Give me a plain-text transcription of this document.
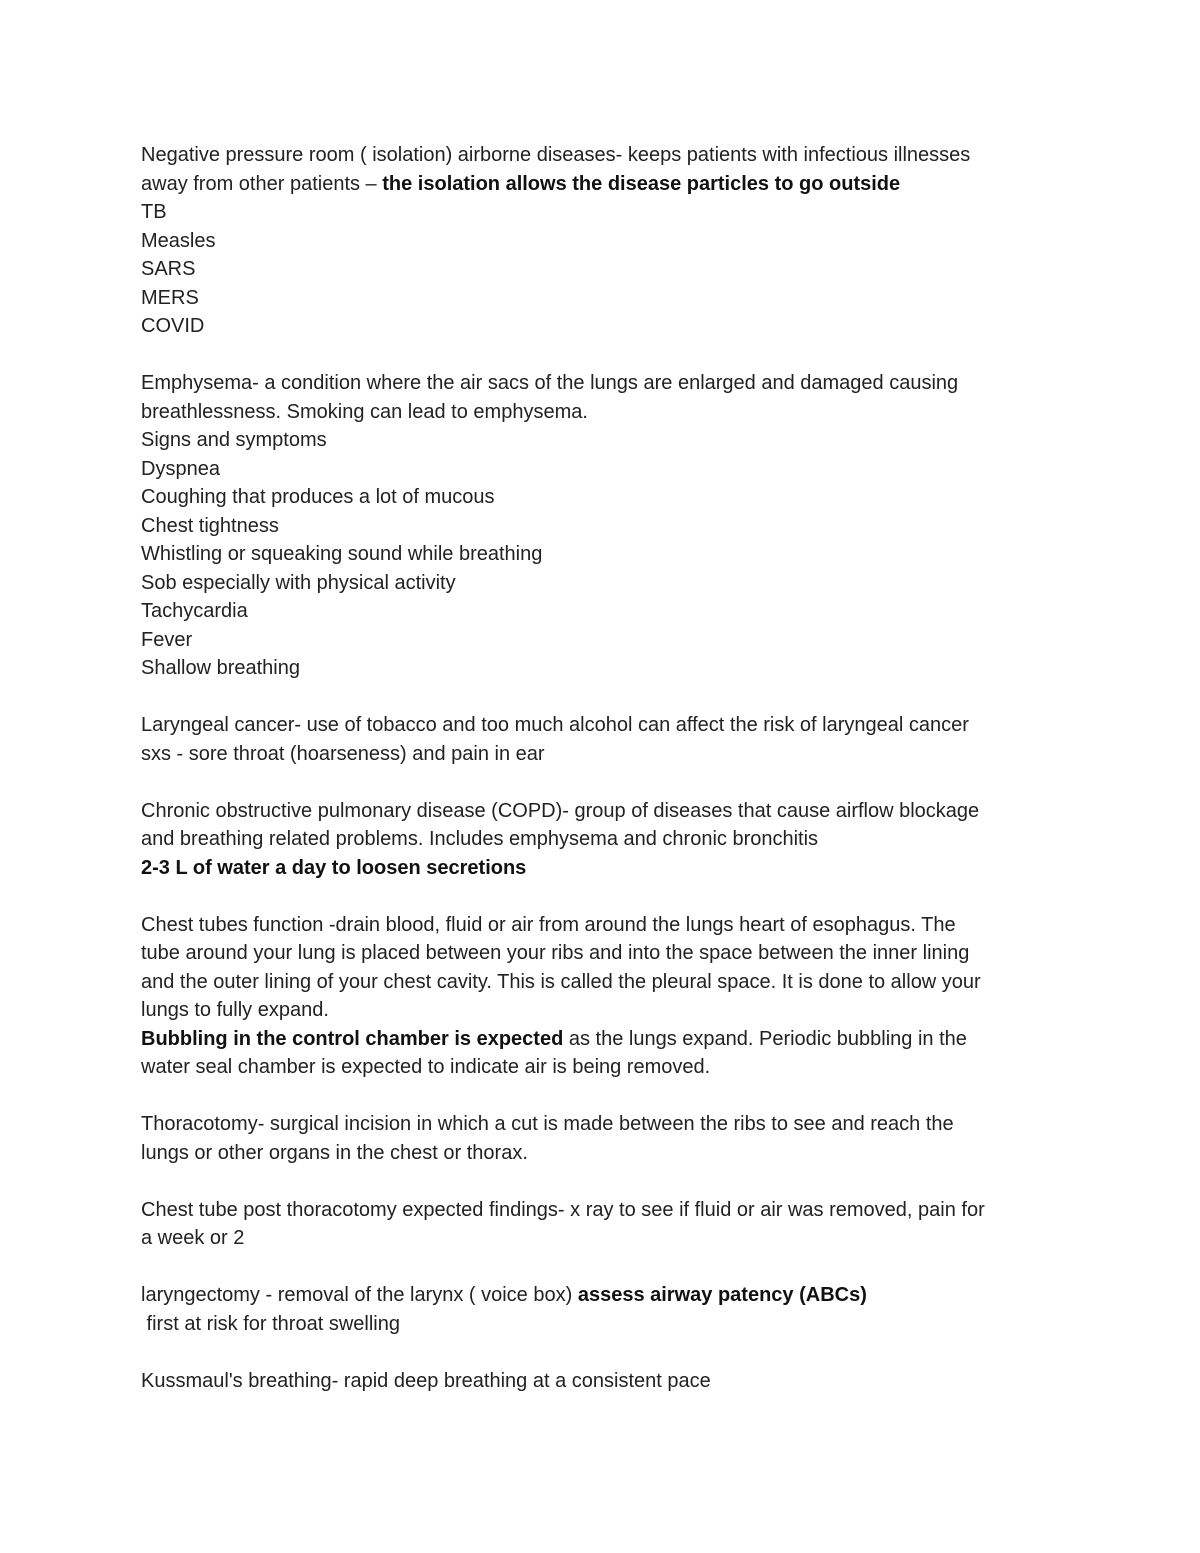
Negative pressure room ( isolation) airborne diseases- keeps patients with infectious illnesses
away from other patients – the isolation allows the disease particles to go outside
TB
Measles
SARS
MERS
COVID
Emphysema- a condition where the air sacs of the lungs are enlarged and damaged causing
breathlessness. Smoking can lead to emphysema.
Signs and symptoms
Dyspnea
Coughing that produces a lot of mucous
Chest tightness
Whistling or squeaking sound while breathing
Sob especially with physical activity
Tachycardia
Fever
Shallow breathing
Laryngeal cancer- use of tobacco and too much alcohol can affect the risk of laryngeal cancer
sxs - sore throat (hoarseness) and pain in ear
Chronic obstructive pulmonary disease (COPD)- group of diseases that cause airflow blockage
and breathing related problems. Includes emphysema and chronic bronchitis
2-3 L of water a day to loosen secretions
Chest tubes function -drain blood, fluid or air from around the lungs heart of esophagus. The
tube around your lung is placed between your ribs and into the space between the inner lining
and the outer lining of your chest cavity. This is called the pleural space. It is done to allow your
lungs to fully expand.
Bubbling in the control chamber is expected as the lungs expand. Periodic bubbling in the
water seal chamber is expected to indicate air is being removed.
Thoracotomy- surgical incision in which a cut is made between the ribs to see and reach the
lungs or other organs in the chest or thorax.
Chest tube post thoracotomy expected findings- x ray to see if fluid or air was removed, pain for
a week or 2
laryngectomy - removal of the larynx ( voice box) assess airway patency (ABCs)
first at risk for throat swelling
Kussmaul's breathing- rapid deep breathing at a consistent pace
